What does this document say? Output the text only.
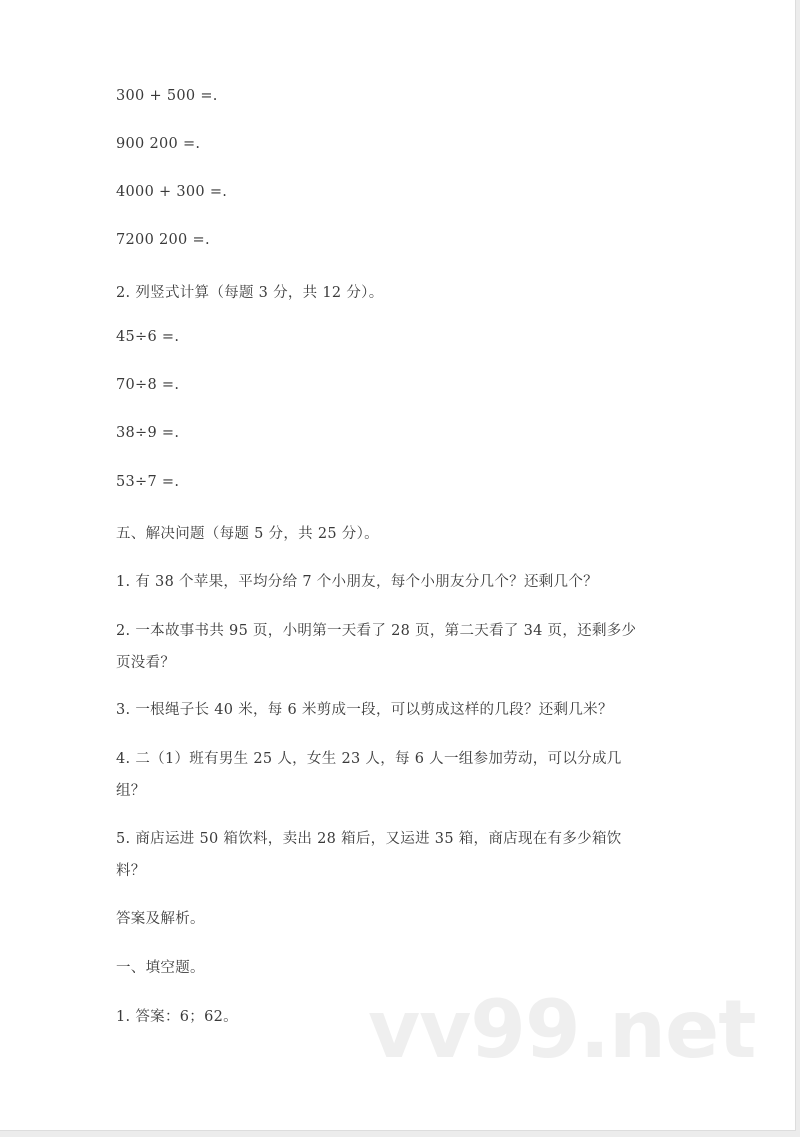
300 + 500 =.
900 200 =.
4000 + 300 =.
7200 200 =.
2. 列竖式计算（每题 3 分，共 12 分）。
45÷6 =.
70÷8 =.
38÷9 =.
53÷7 =.
五、解决问题（每题 5 分，共 25 分）。
1. 有 38 个苹果，平均分给 7 个小朋友，每个小朋友分几个？还剩几个？
2. 一本故事书共 95 页，小明第一天看了 28 页，第二天看了 34 页，还剩多少
页没看？
3. 一根绳子长 40 米，每 6 米剪成一段，可以剪成这样的几段？还剩几米？
4. 二（1）班有男生 25 人，女生 23 人，每 6 人一组参加劳动，可以分成几
组？
5. 商店运进 50 箱饮料，卖出 28 箱后，又运进 35 箱，商店现在有多少箱饮
料？
答案及解析。
一、填空题。
1. 答案：6；62。 vv99.net
